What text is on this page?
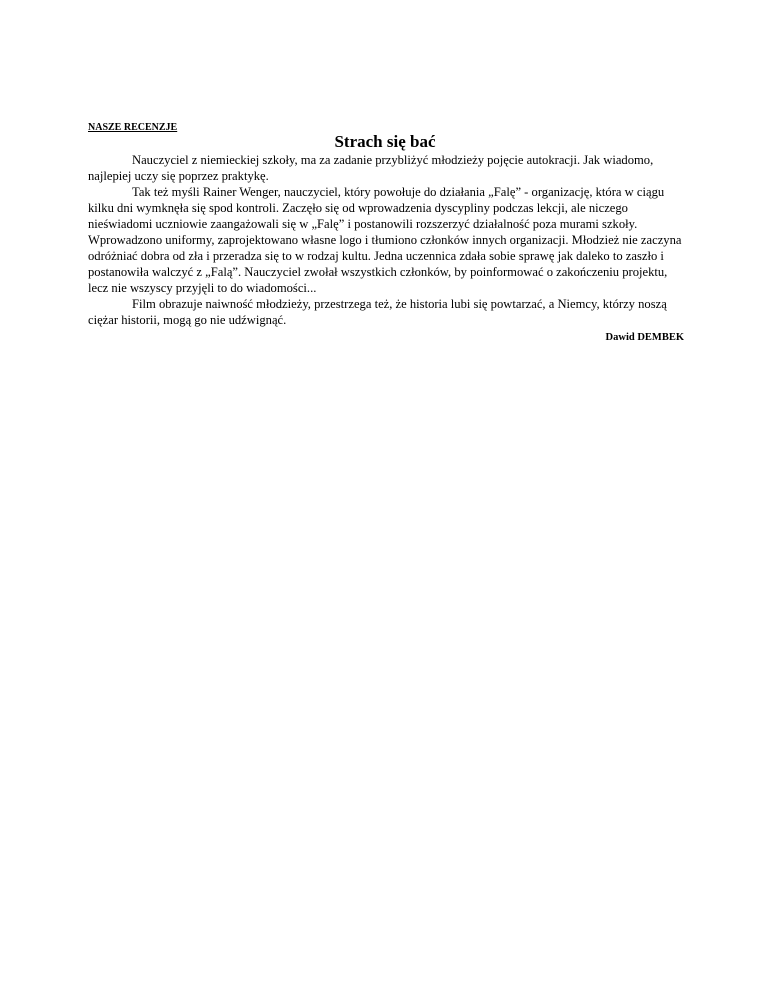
NASZE RECENZJE

Strach się bać

Nauczyciel z niemieckiej szkoły, ma za zadanie przybliżyć młodzieży pojęcie autokracji. Jak wiadomo, najlepiej uczy się poprzez praktykę.

Tak też myśli Rainer Wenger, nauczyciel, który powołuje do działania „Falę” - organizację, która w ciągu kilku dni wymknęła się spod kontroli. Zaczęło się od wprowadzenia dyscypliny podczas lekcji, ale niczego nieświadomi uczniowie zaangażowali się w „Falę” i postanowili rozszerzyć działalność poza murami szkoły. Wprowadzono uniformy, zaprojektowano własne logo i tłumiono członków innych organizacji. Młodzież nie zaczyna odróżniać dobra od zła i przeradza się to w rodzaj kultu. Jedna uczennica zdała sobie sprawę jak daleko to zaszło i postanowiła walczyć z „Falą”. Nauczyciel zwołał wszystkich członków, by poinformować o zakończeniu projektu, lecz nie wszyscy przyjęli to do wiadomości...

Film obrazuje naiwność młodzieży, przestrzega też, że historia lubi się powtarzać, a Niemcy, którzy noszą ciężar historii, mogą go nie udźwignąć.

Dawid DEMBEK
